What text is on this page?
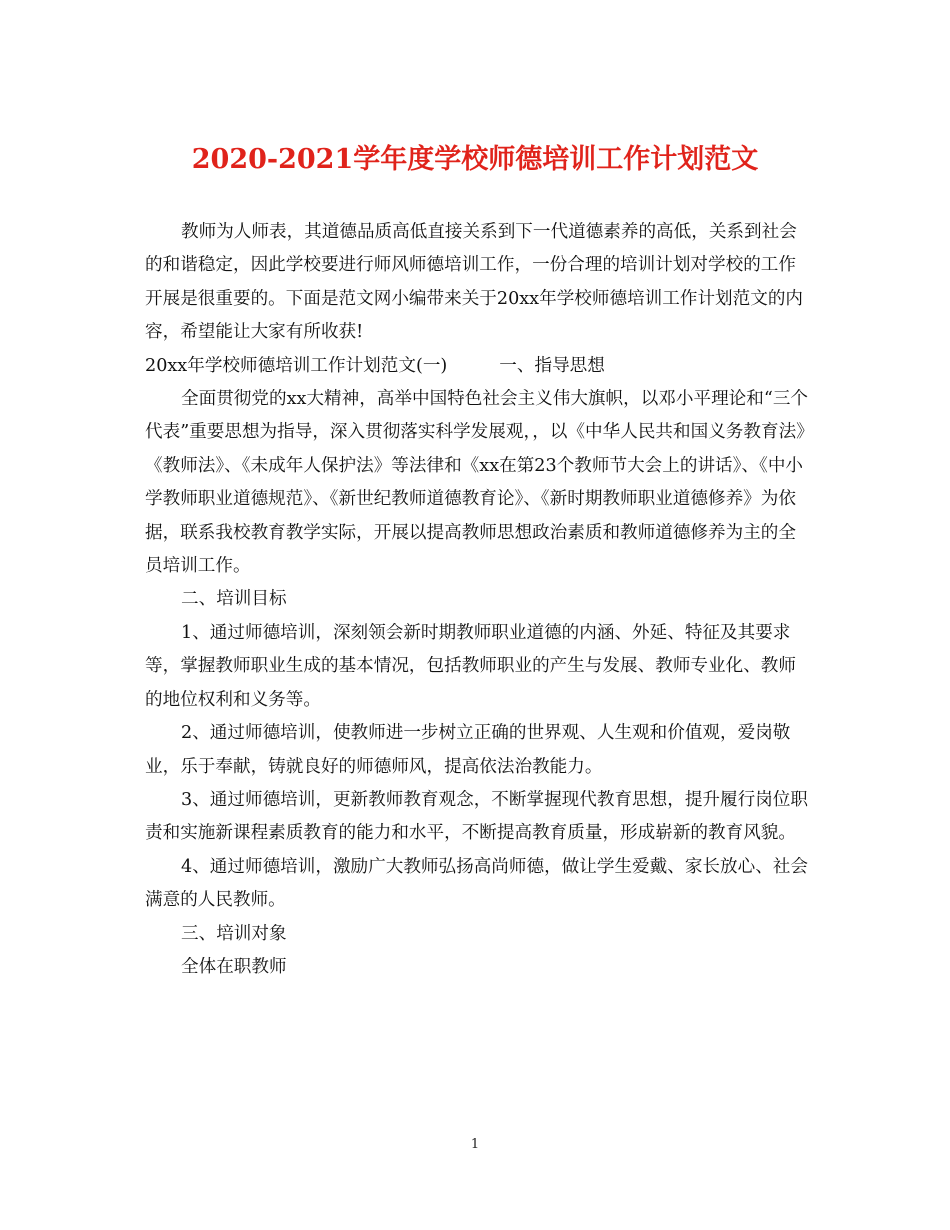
2020-2021学年度学校师德培训工作计划范文

教师为人师表，其道德品质高低直接关系到下一代道德素养的高低，关系到社会的和谐稳定，因此学校要进行师风师德培训工作，一份合理的培训计划对学校的工作开展是很重要的。下面是范文网小编带来关于20xx年学校师德培训工作计划范文的内容，希望能让大家有所收获!

20xx年学校师德培训工作计划范文(一)	一、指导思想

全面贯彻党的xx大精神，高举中国特色社会主义伟大旗帜，以邓小平理论和“三个代表”重要思想为指导，深入贯彻落实科学发展观，，以《中华人民共和国义务教育法》《教师法》、《未成年人保护法》等法律和《xx在第23个教师节大会上的讲话》、《中小学教师职业道德规范》、《新世纪教师道德教育论》、《新时期教师职业道德修养》为依据，联系我校教育教学实际，开展以提高教师思想政治素质和教师道德修养为主的全员培训工作。

二、培训目标

1、通过师德培训，深刻领会新时期教师职业道德的内涵、外延、特征及其要求等，掌握教师职业生成的基本情况，包括教师职业的产生与发展、教师专业化、教师的地位权利和义务等。

2、通过师德培训，使教师进一步树立正确的世界观、人生观和价值观，爱岗敬业，乐于奉献，铸就良好的师德师风，提高依法治教能力。

3、通过师德培训，更新教师教育观念，不断掌握现代教育思想，提升履行岗位职责和实施新课程素质教育的能力和水平，不断提高教育质量，形成崭新的教育风貌。

4、通过师德培训，激励广大教师弘扬高尚师德，做让学生爱戴、家长放心、社会满意的人民教师。

三、培训对象

全体在职教师

1
